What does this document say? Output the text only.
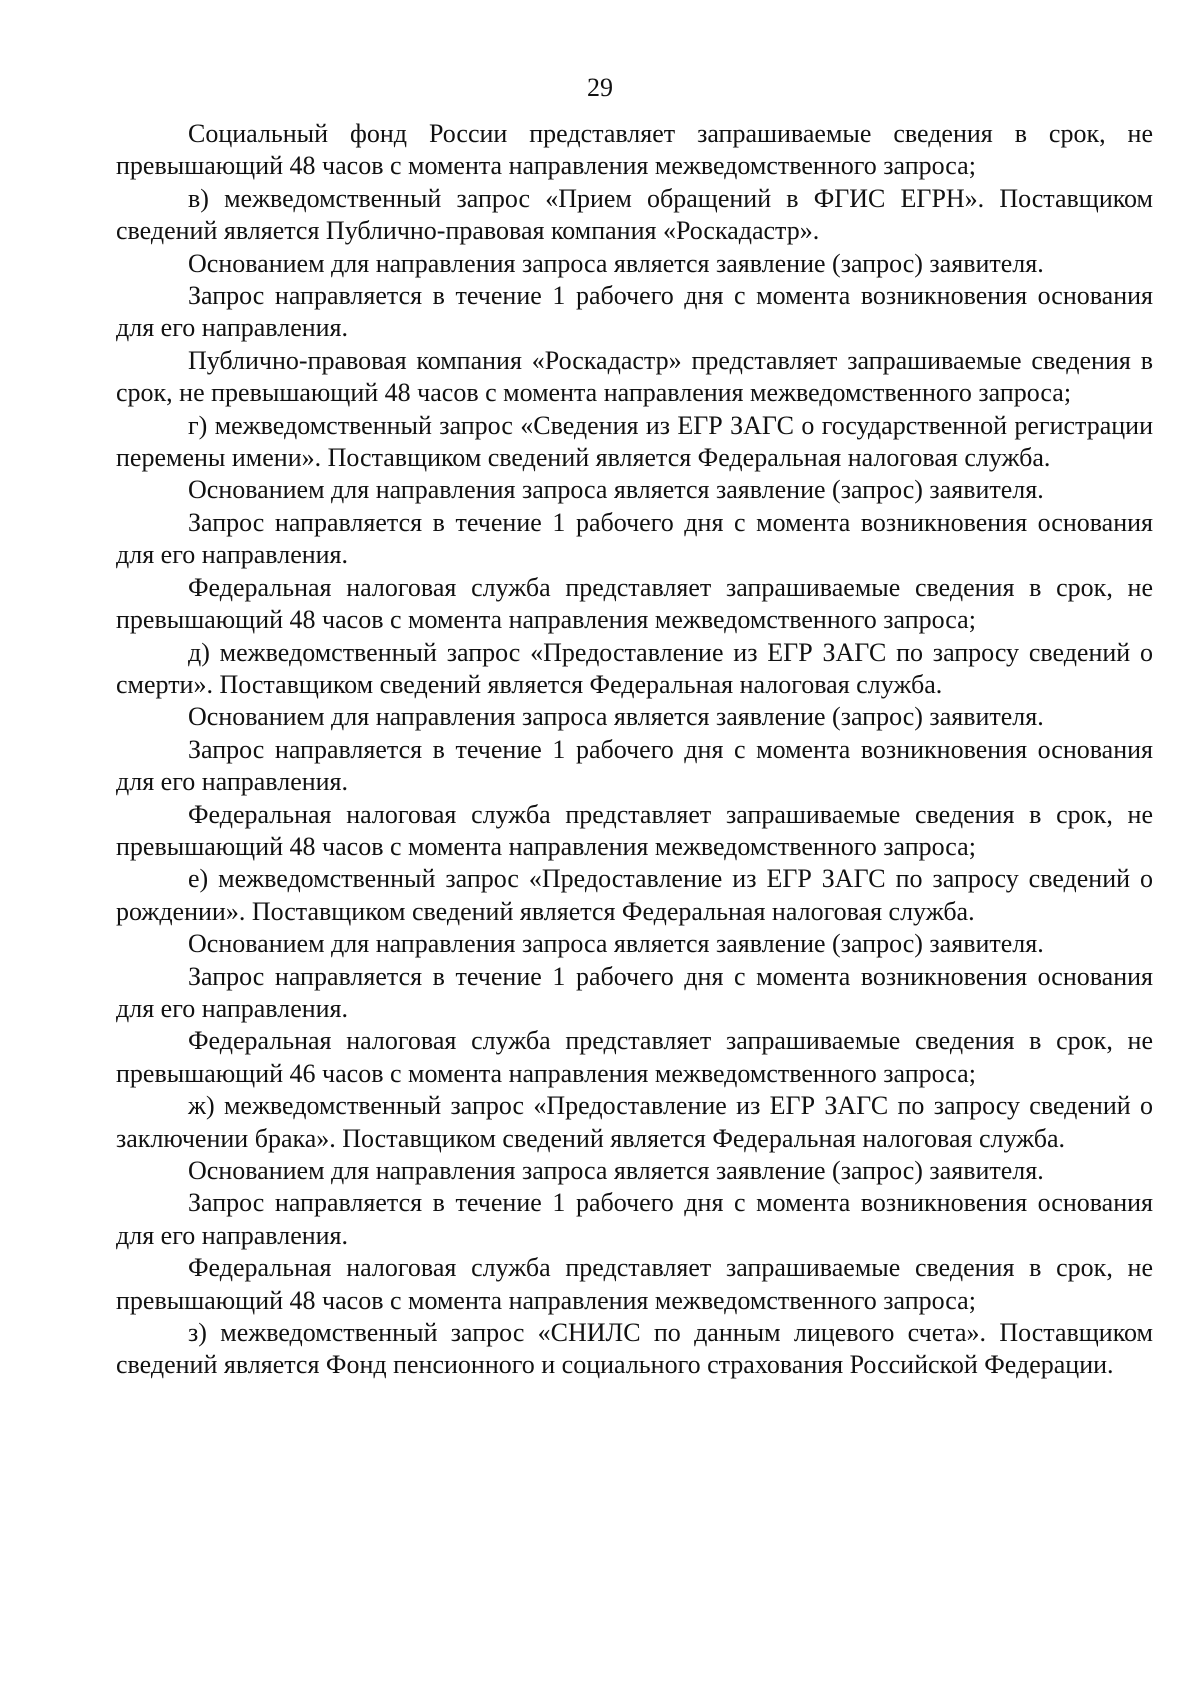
29

Социальный фонд России представляет запрашиваемые сведения в срок, не превышающий 48 часов с момента направления межведомственного запроса;

в) межведомственный запрос «Прием обращений в ФГИС ЕГРН». Поставщиком сведений является Публично-правовая компания «Роскадастр».

Основанием для направления запроса является заявление (запрос) заявителя.

Запрос направляется в течение 1 рабочего дня с момента возникновения основания для его направления.

Публично-правовая компания «Роскадастр» представляет запрашиваемые сведения в срок, не превышающий 48 часов с момента направления межведомственного запроса;

г) межведомственный запрос «Сведения из ЕГР ЗАГС о государственной регистрации перемены имени». Поставщиком сведений является Федеральная налоговая служба.

Основанием для направления запроса является заявление (запрос) заявителя.

Запрос направляется в течение 1 рабочего дня с момента возникновения основания для его направления.

Федеральная налоговая служба представляет запрашиваемые сведения в срок, не превышающий 48 часов с момента направления межведомственного запроса;

д) межведомственный запрос «Предоставление из ЕГР ЗАГС по запросу сведений о смерти». Поставщиком сведений является Федеральная налоговая служба.

Основанием для направления запроса является заявление (запрос) заявителя.

Запрос направляется в течение 1 рабочего дня с момента возникновения основания для его направления.

Федеральная налоговая служба представляет запрашиваемые сведения в срок, не превышающий 48 часов с момента направления межведомственного запроса;

е) межведомственный запрос «Предоставление из ЕГР ЗАГС по запросу сведений о рождении». Поставщиком сведений является Федеральная налоговая служба.

Основанием для направления запроса является заявление (запрос) заявителя.

Запрос направляется в течение 1 рабочего дня с момента возникновения основания для его направления.

Федеральная налоговая служба представляет запрашиваемые сведения в срок, не превышающий 46 часов с момента направления межведомственного запроса;

ж) межведомственный запрос «Предоставление из ЕГР ЗАГС по запросу сведений о заключении брака». Поставщиком сведений является Федеральная налоговая служба.

Основанием для направления запроса является заявление (запрос) заявителя.

Запрос направляется в течение 1 рабочего дня с момента возникновения основания для его направления.

Федеральная налоговая служба представляет запрашиваемые сведения в срок, не превышающий 48 часов с момента направления межведомственного запроса;

з) межведомственный запрос «СНИЛС по данным лицевого счета». Поставщиком сведений является Фонд пенсионного и социального страхования Российской Федерации.
